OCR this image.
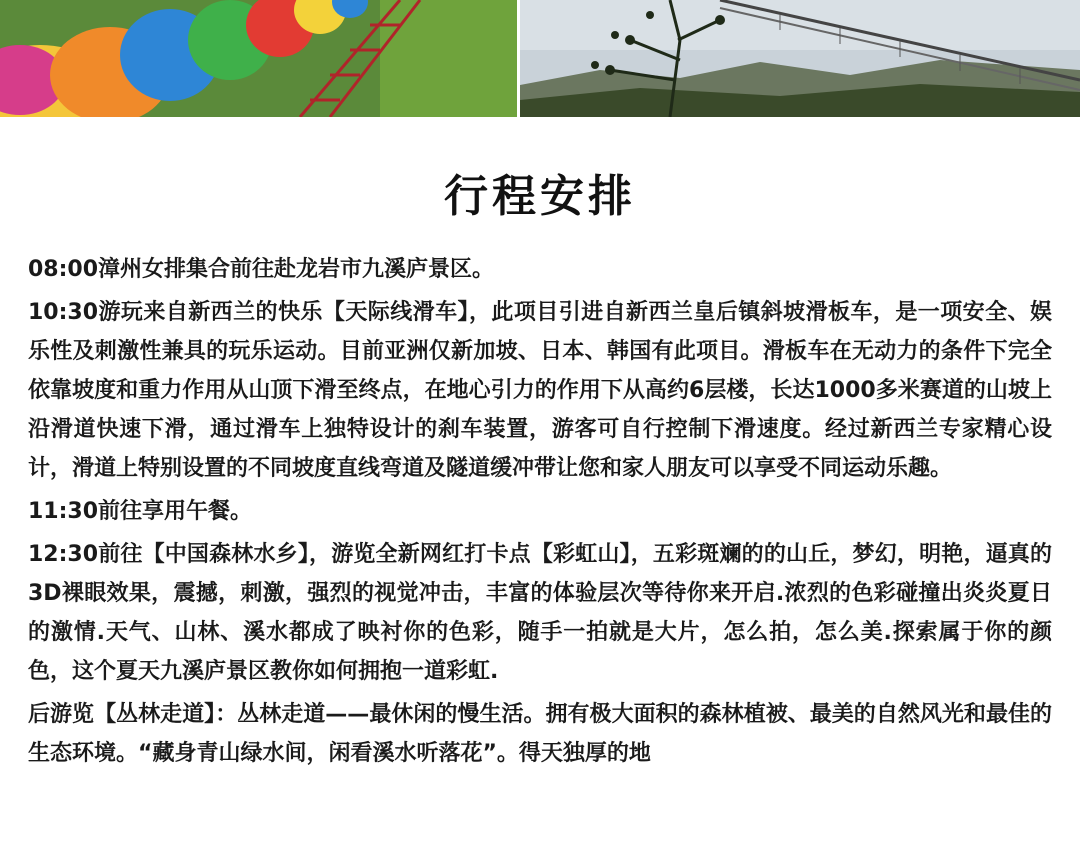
行程安排

08:00漳州女排集合前往赴龙岩市九溪庐景区。

10:30游玩来自新西兰的快乐【天际线滑车】，此项目引进自新西兰皇后镇斜坡滑板车，是一项安全、娱乐性及刺激性兼具的玩乐运动。目前亚洲仅新加坡、日本、韩国有此项目。滑板车在无动力的条件下完全依靠坡度和重力作用从山顶下滑至终点，在地心引力的作用下从高约6层楼，长达1000多米赛道的山坡上沿滑道快速下滑，通过滑车上独特设计的刹车装置，游客可自行控制下滑速度。经过新西兰专家精心设计，滑道上特别设置的不同坡度直线弯道及隧道缓冲带让您和家人朋友可以享受不同运动乐趣。

11:30前往享用午餐。

12:30前往【中国森林水乡】，游览全新网红打卡点【彩虹山】，五彩斑斓的的山丘，梦幻，明艳，逼真的3D裸眼效果，震撼，刺激，强烈的视觉冲击，丰富的体验层次等待你来开启.浓烈的色彩碰撞出炎炎夏日的激情.天气、山林、溪水都成了映衬你的色彩，随手一拍就是大片，怎么拍，怎么美.探索属于你的颜色，这个夏天九溪庐景区教你如何拥抱一道彩虹.

后游览【丛林走道】：丛林走道——最休闲的慢生活。拥有极大面积的森林植被、最美的自然风光和最佳的生态环境。“藏身青山绿水间，闲看溪水听落花”。得天独厚的地
